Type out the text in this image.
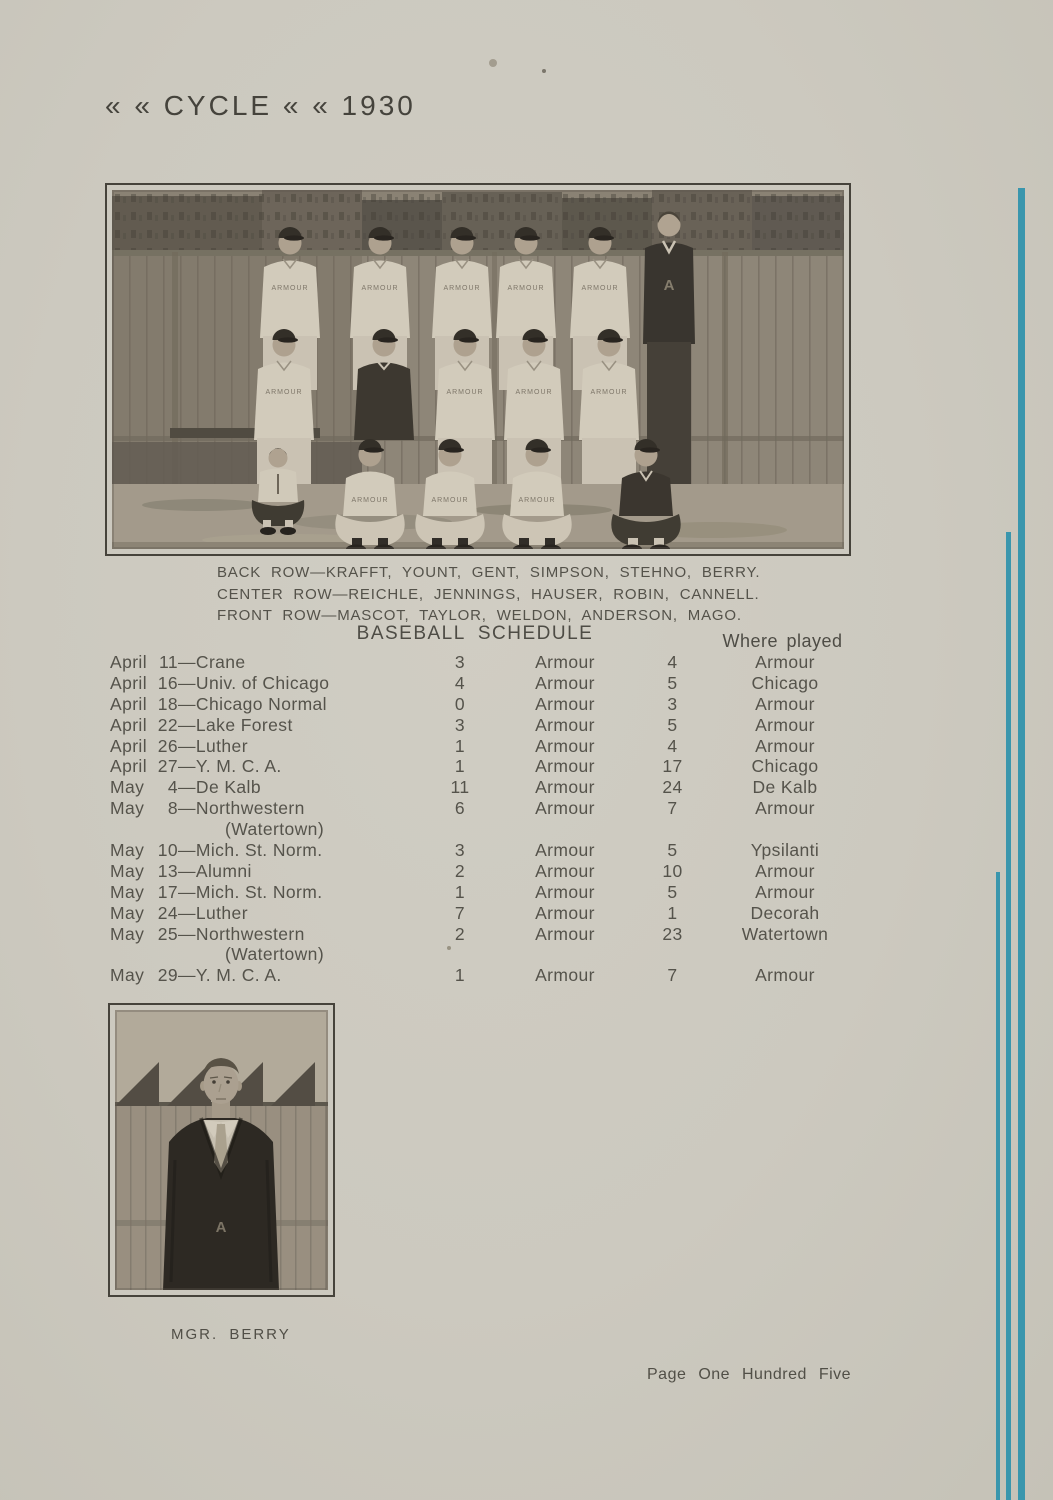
« « CYCLE « « 1930
ARMOUR	ARMOUR	ARMOUR	ARMOUR	ARMOUR
ARMOUR	ARMOUR	ARMOUR	ARMOUR
ARMOUR	ARMOUR	ARMOUR
A
BACK ROW—KRAFFT, YOUNT, GENT, SIMPSON, STEHNO, BERRY.
CENTER ROW—REICHLE, JENNINGS, HAUSER, ROBIN, CANNELL.
FRONT ROW—MASCOT, TAYLOR, WELDON, ANDERSON, MAGO.
BASEBALL SCHEDULE	Where played
April 11 —Crane	3	Armour	4	Armour
April 16 —Univ. of Chicago	4	Armour	5	Chicago
April 18 —Chicago Normal	0	Armour	3	Armour
April 22 —Lake Forest	3	Armour	5	Armour
April 26 —Luther	1	Armour	4	Armour
April 27 —Y. M. C. A.	1	Armour	17	Chicago
May	4 —De Kalb	11	Armour	24	De Kalb
May	8 —Northwestern	6	Armour	7	Armour
(Watertown)
May 10 —Mich. St. Norm.	3	Armour	5	Ypsilanti
May 13 —Alumni	2	Armour	10	Armour
May 17 —Mich. St. Norm.	1	Armour	5	Armour
May 24 —Luther	7	Armour	1	Decorah
May 25 —Northwestern	2	Armour	23	Watertown
(Watertown)
May 29 —Y. M. C. A.	1	Armour	7	Armour
A
MGR. BERRY
Page One Hundred Five
